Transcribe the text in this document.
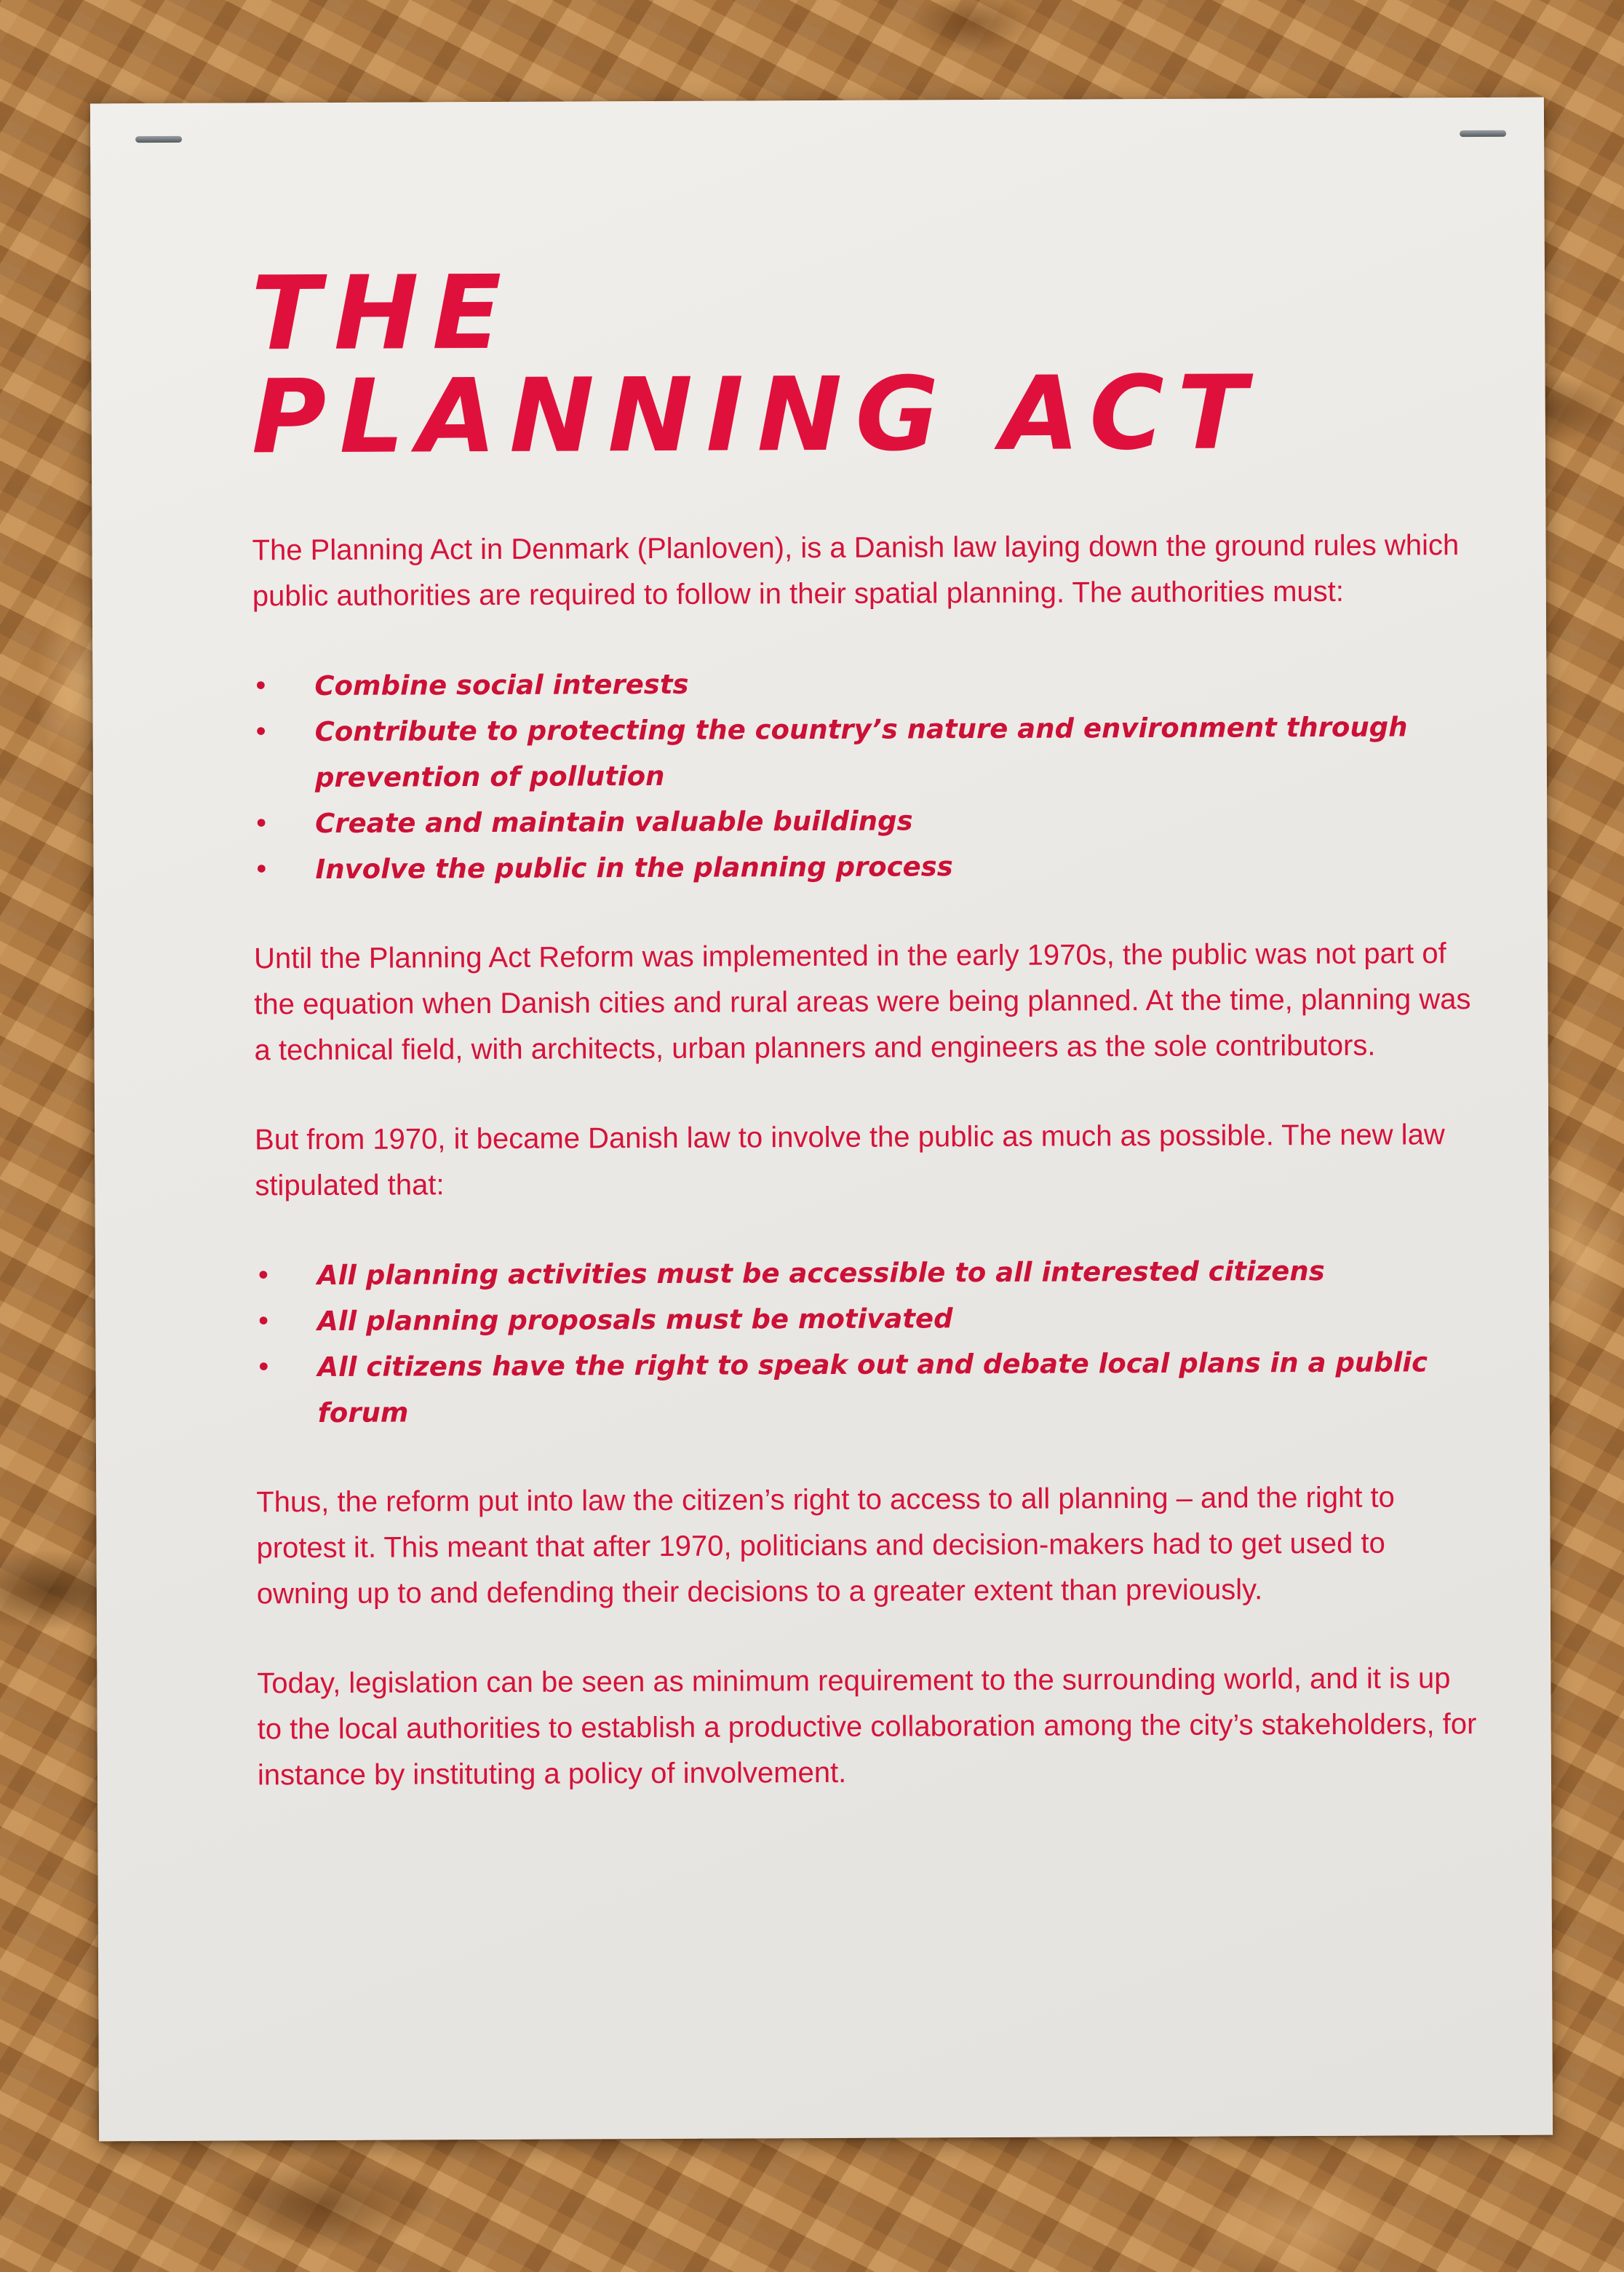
THE
PLANNING ACT

The Planning Act in Denmark (Planloven), is a Danish law laying down the ground rules which public authorities are required to follow in their spatial planning. The authorities must:

• Combine social interests
• Contribute to protecting the country’s nature and environment through prevention of pollution
• Create and maintain valuable buildings
• Involve the public in the planning process

Until the Planning Act Reform was implemented in the early 1970s, the public was not part of the equation when Danish cities and rural areas were being planned. At the time, planning was a technical field, with architects, urban planners and engineers as the sole contributors.

But from 1970, it became Danish law to involve the public as much as possible. The new law stipulated that:

• All planning activities must be accessible to all interested citizens
• All planning proposals must be motivated
• All citizens have the right to speak out and debate local plans in a public forum

Thus, the reform put into law the citizen’s right to access to all planning – and the right to protest it. This meant that after 1970, politicians and decision-makers had to get used to owning up to and defending their decisions to a greater extent than previously.

Today, legislation can be seen as minimum requirement to the surrounding world, and it is up to the local authorities to establish a productive collaboration among the city’s stakeholders, for instance by instituting a policy of involvement.
